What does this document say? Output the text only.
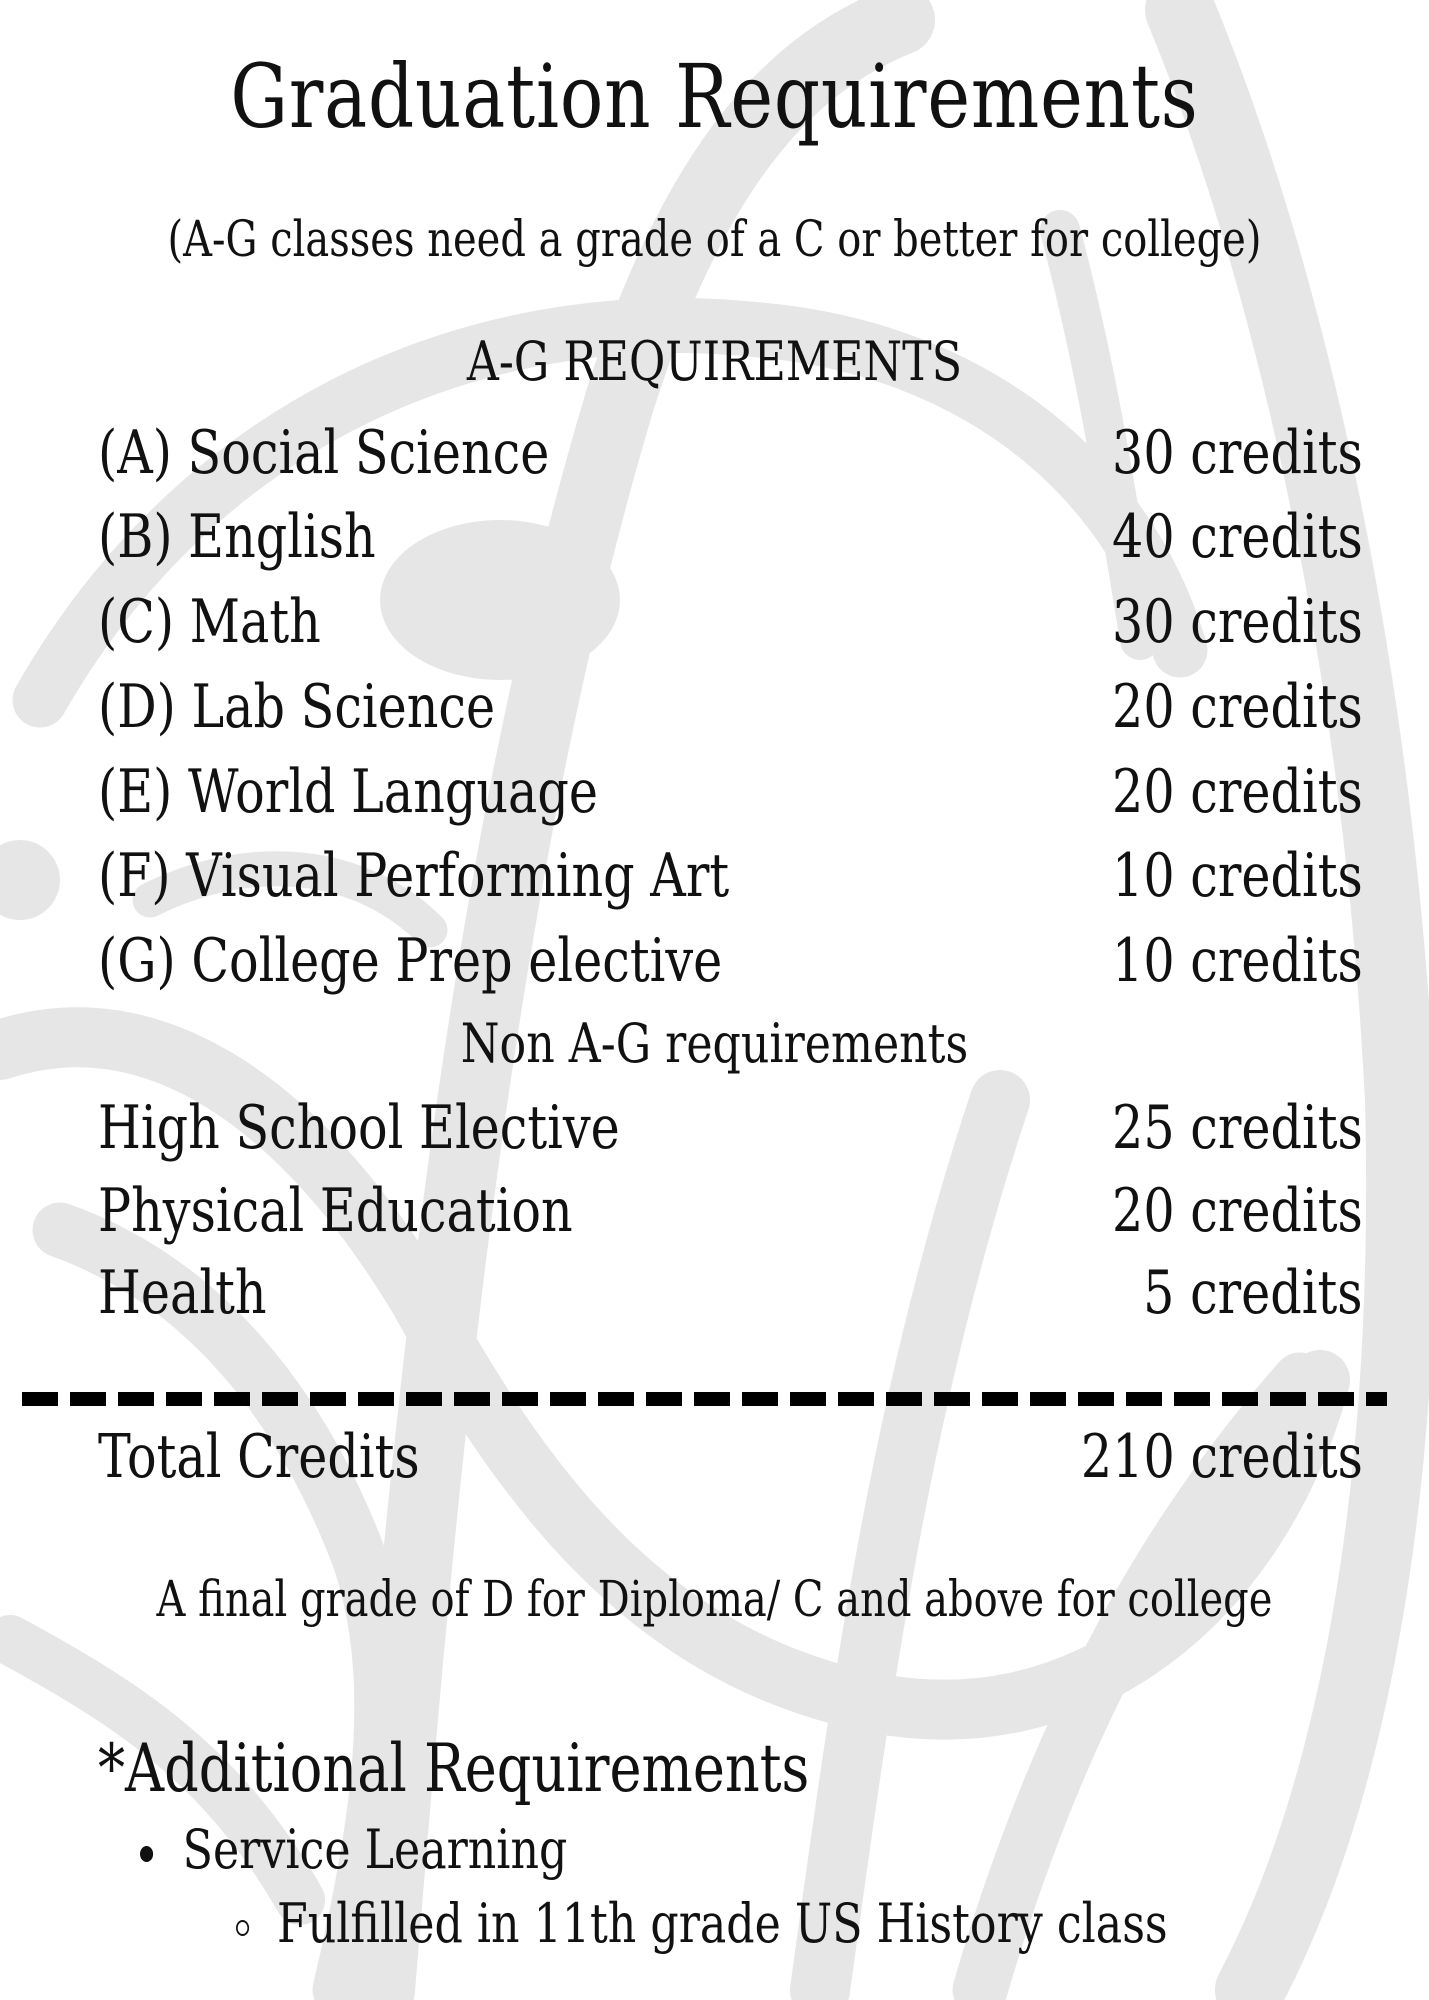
Graduation Requirements
(A-G classes need a grade of a C or better for college)
A-G REQUIREMENTS
(A) Social Science	30 credits
(B) English	40 credits
(C) Math	30 credits
(D) Lab Science	20 credits
(E) World Language	20 credits
(F) Visual Performing Art	10 credits
(G) College Prep elective	10 credits
Non A-G requirements
High School Elective	25 credits
Physical Education	20 credits
Health	5 credits
Total Credits	210 credits
A final grade of D for Diploma/ C and above for college
*Additional Requirements
Service Learning
Fulfilled in 11th grade US History class
